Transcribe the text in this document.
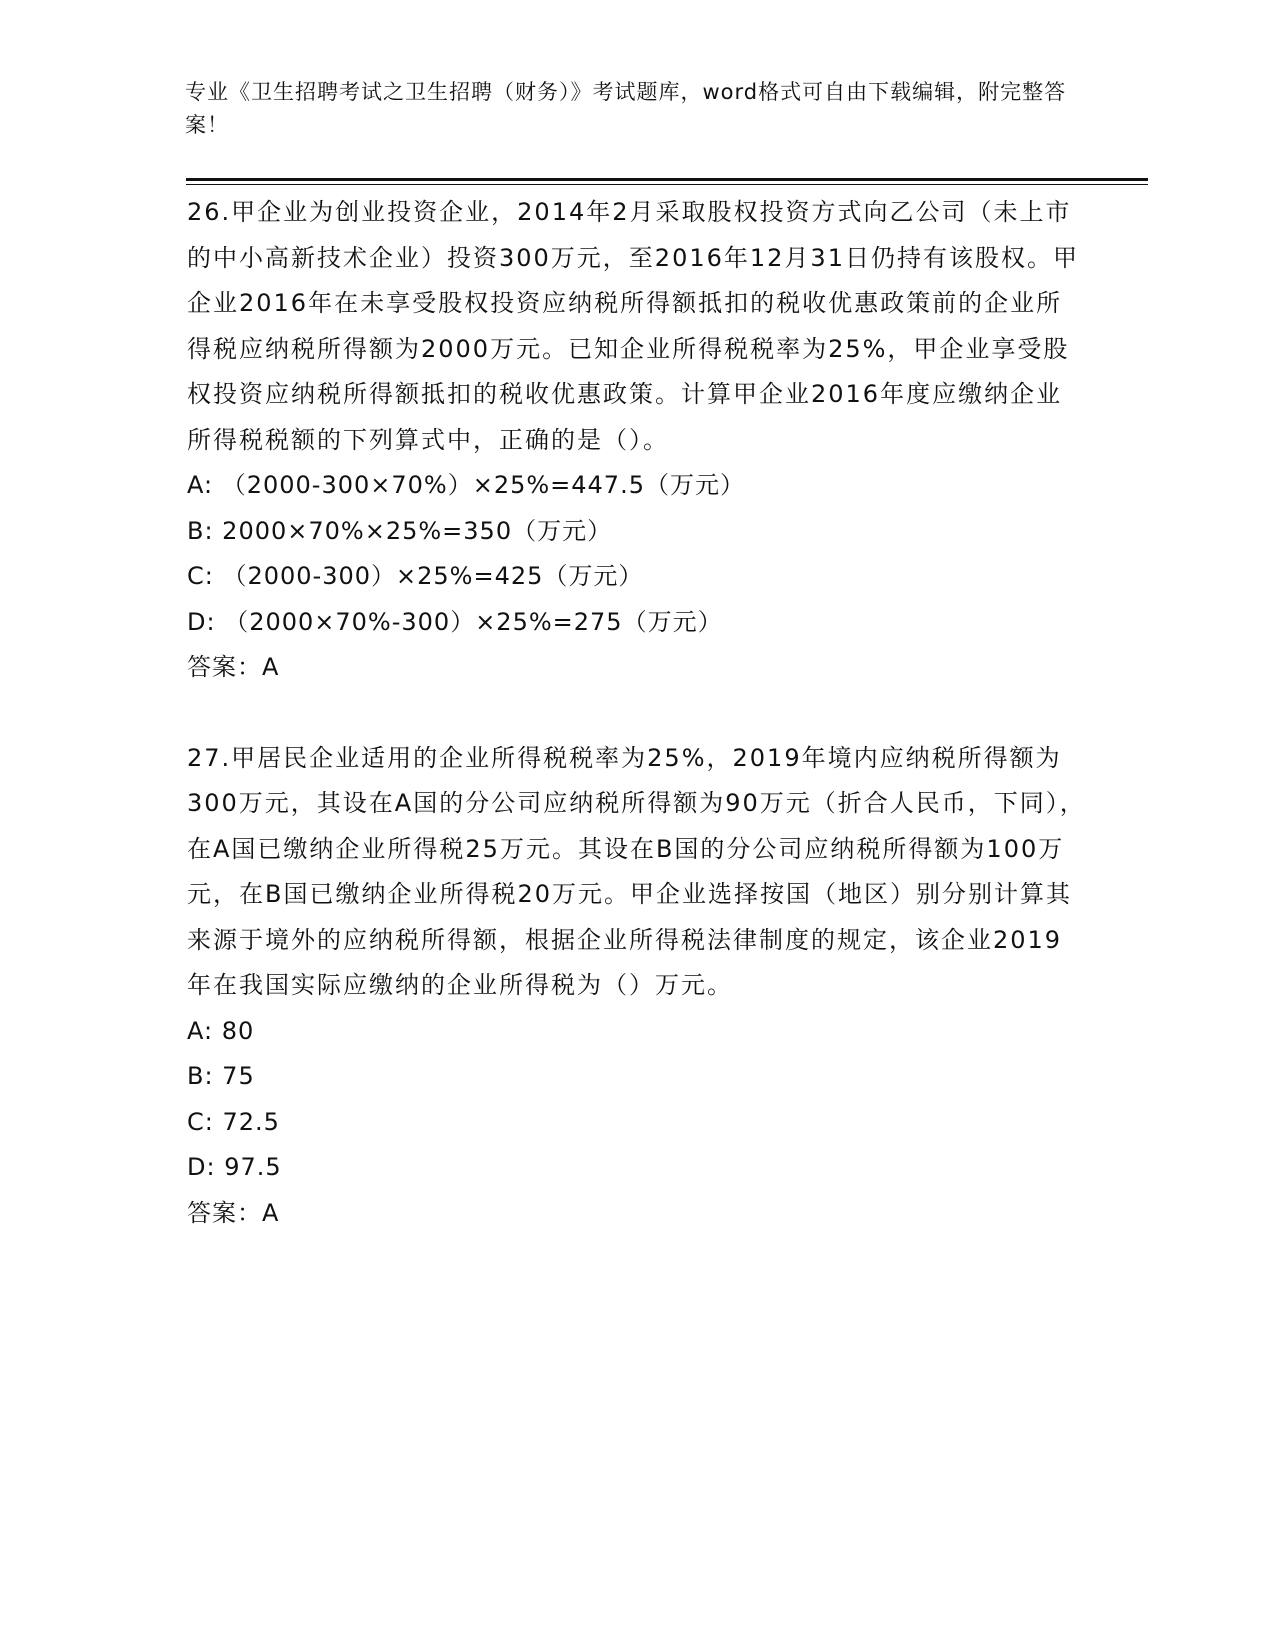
专业《卫生招聘考试之卫生招聘（财务）》考试题库，word格式可自由下载编辑，附完整答案！

26.甲企业为创业投资企业，2014年2月采取股权投资方式向乙公司（未上市的中小高新技术企业）投资300万元，至2016年12月31日仍持有该股权。甲企业2016年在未享受股权投资应纳税所得额抵扣的税收优惠政策前的企业所得税应纳税所得额为2000万元。已知企业所得税税率为25%，甲企业享受股权投资应纳税所得额抵扣的税收优惠政策。计算甲企业2016年度应缴纳企业所得税税额的下列算式中，正确的是（）。

A: （2000-300×70%）×25%=447.5（万元）

B: 2000×70%×25%=350（万元）

C: （2000-300）×25%=425（万元）

D: （2000×70%-300）×25%=275（万元）

答案：A

27.甲居民企业适用的企业所得税税率为25%，2019年境内应纳税所得额为300万元，其设在A国的分公司应纳税所得额为90万元（折合人民币，下同），在A国已缴纳企业所得税25万元。其设在B国的分公司应纳税所得额为100万元，在B国已缴纳企业所得税20万元。甲企业选择按国（地区）别分别计算其来源于境外的应纳税所得额，根据企业所得税法律制度的规定，该企业2019年在我国实际应缴纳的企业所得税为（）万元。

A: 80

B: 75

C: 72.5

D: 97.5

答案：A
